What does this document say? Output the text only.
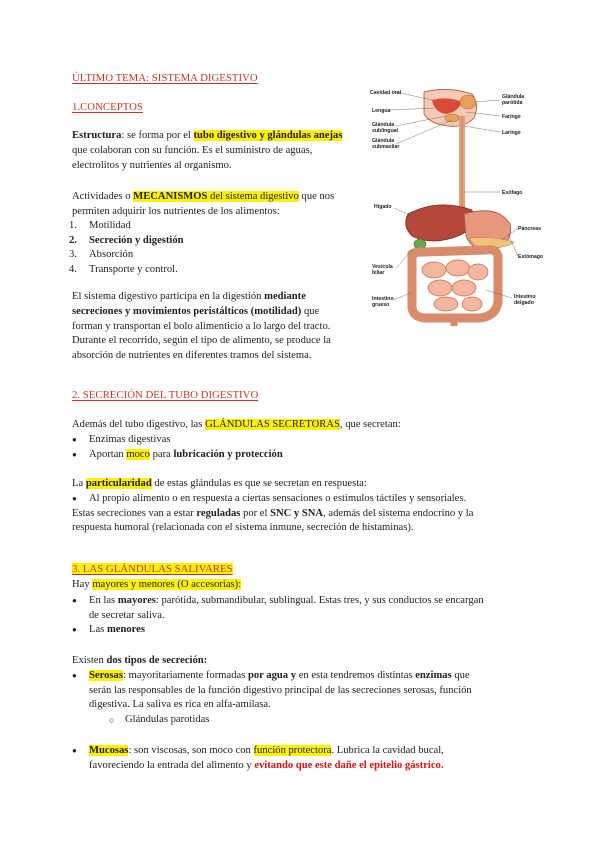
ÚLTIMO TEMA: SISTEMA DIGESTIVO
1.CONCEPTOS
Estructura: se forma por el tubo digestivo y glándulas anejas
que colaboran con su función. Es el suministro de aguas,
electrolitos y nutrientes al organismo.
Actividades o MECANISMOS del sistema digestivo que nos
permiten adquirir los nutrientes de los alimentos:
1. Motilidad
2. Secreción y digestión
3. Absorción
4. Transporte y control.
El sistema digestivo participa en la digestión mediante
secreciones y movimientos peristálticos (motilidad) que
forman y transportan el bolo alimenticio a lo largo del tracto.
Durante el recorrido, según el tipo de alimento, se produce la
absorción de nutrientes en diferentes tramos del sistema.
Cavidad oral
Lengua
Glándula
sublingual
Glándula
submaxilar
Glándula
parótida
Faringe
Laringe
Esófago
Hígado
Páncreas
Estómago
Vesícula
biliar
Intestino
grueso
Intestino
delgado
2. SECRECIÓN DEL TUBO DIGESTIVO
Además del tubo digestivo, las GLÁNDULAS SECRETORAS, que secretan:
● Enzimas digestivas
● Aportan moco para lubricación y protección
La particularidad de estas glándulas es que se secretan en respuesta:
● Al propio alimento o en respuesta a ciertas sensaciones o estímulos táctiles y sensoriales.
Estas secreciones van a estar reguladas por el SNC y SNA, además del sistema endocrino y la
respuesta humoral (relacionada con el sistema inmune, secreción de histaminas).
3. LAS GLÁNDULAS SALIVARES
Hay mayores y menores (O accesorias):
● En las mayores: parótida, submandibular, sublingual. Estas tres, y sus conductos se encargan
de secretar saliva.
● Las menores
Existen dos tipos de secreción:
● Serosas: mayoritariamente formadas por agua y en esta tendremos distintas enzimas que
serán las responsables de la función digestivo principal de las secreciones serosas, función
digestiva. La saliva es rica en alfa-amilasa.
○ Glándulas parotidas
● Mucosas: son viscosas, son moco con función protectora. Lubrica la cavidad bucal,
favoreciendo la entrada del alimento y evitando que este dañe el epitelio gástrico.
